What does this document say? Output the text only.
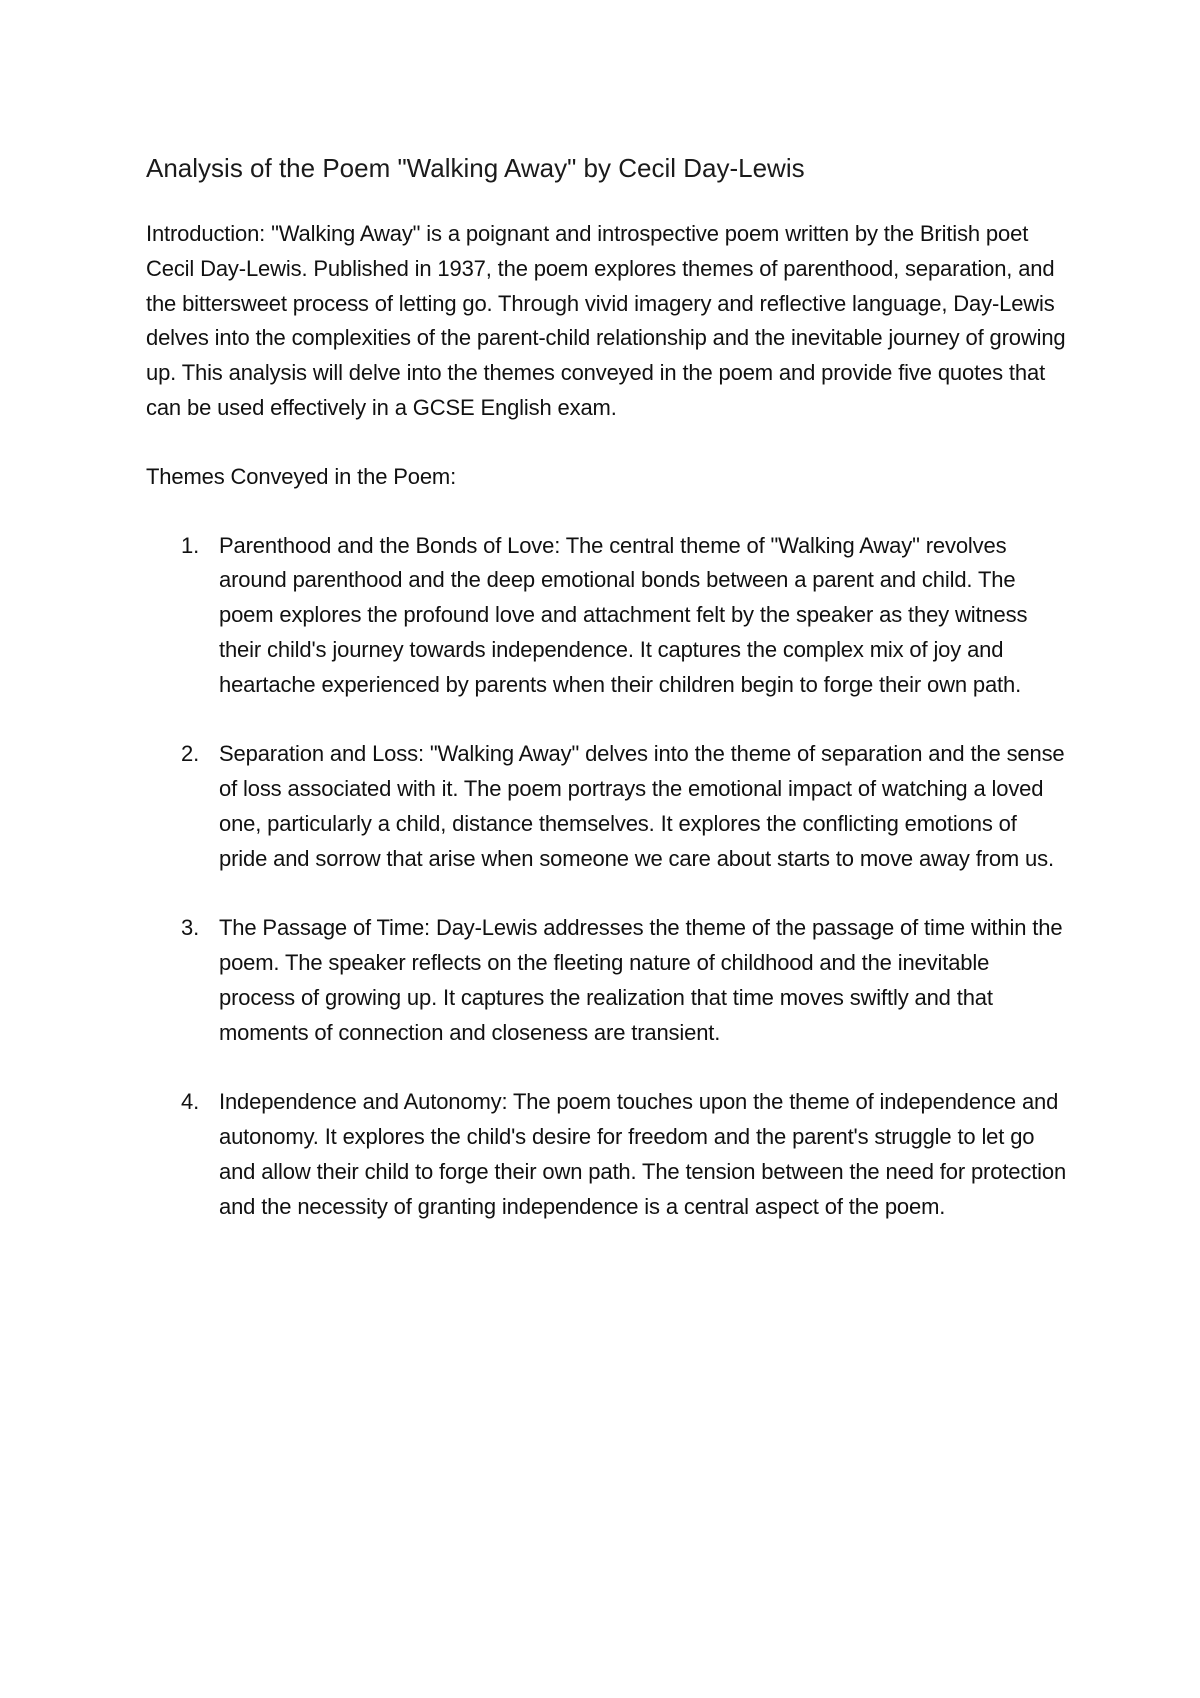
Analysis of the Poem "Walking Away" by Cecil Day-Lewis

Introduction: "Walking Away" is a poignant and introspective poem written by the British poet Cecil Day-Lewis. Published in 1937, the poem explores themes of parenthood, separation, and the bittersweet process of letting go. Through vivid imagery and reflective language, Day-Lewis delves into the complexities of the parent-child relationship and the inevitable journey of growing up. This analysis will delve into the themes conveyed in the poem and provide five quotes that can be used effectively in a GCSE English exam.

Themes Conveyed in the Poem:

1. Parenthood and the Bonds of Love: The central theme of "Walking Away" revolves around parenthood and the deep emotional bonds between a parent and child. The poem explores the profound love and attachment felt by the speaker as they witness their child's journey towards independence. It captures the complex mix of joy and heartache experienced by parents when their children begin to forge their own path.
2. Separation and Loss: "Walking Away" delves into the theme of separation and the sense of loss associated with it. The poem portrays the emotional impact of watching a loved one, particularly a child, distance themselves. It explores the conflicting emotions of pride and sorrow that arise when someone we care about starts to move away from us.
3. The Passage of Time: Day-Lewis addresses the theme of the passage of time within the poem. The speaker reflects on the fleeting nature of childhood and the inevitable process of growing up. It captures the realization that time moves swiftly and that moments of connection and closeness are transient.
4. Independence and Autonomy: The poem touches upon the theme of independence and autonomy. It explores the child's desire for freedom and the parent's struggle to let go and allow their child to forge their own path. The tension between the need for protection and the necessity of granting independence is a central aspect of the poem.
